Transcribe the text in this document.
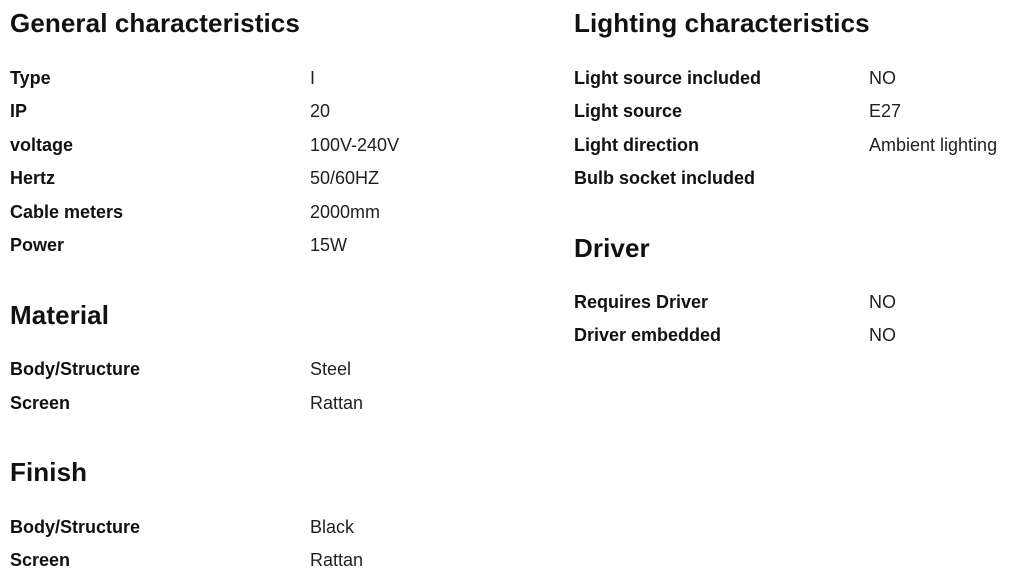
General characteristics
Type	I
IP	20
voltage	100V-240V
Hertz	50/60HZ
Cable meters	2000mm
Power	15W
Material
Body/Structure	Steel
Screen	Rattan
Finish
Body/Structure	Black
Screen	Rattan
Lighting characteristics
Light source included	NO
Light source	E27
Light direction	Ambient lighting
Bulb socket included
Driver
Requires Driver	NO
Driver embedded	NO
